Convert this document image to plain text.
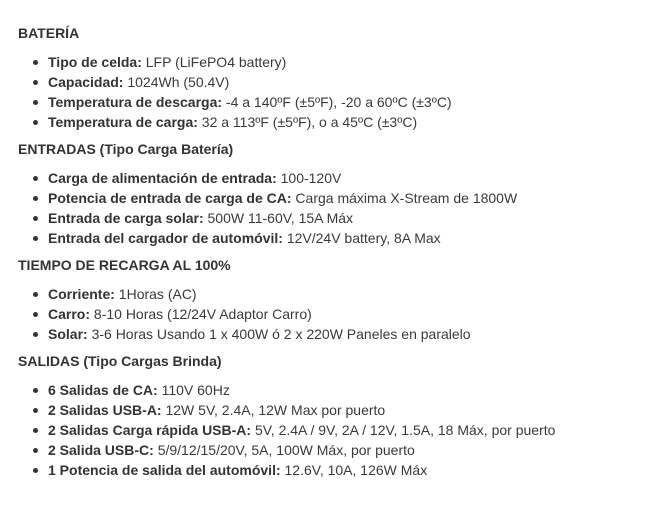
BATERÍA
Tipo de celda: LFP (LiFePO4 battery)
Capacidad: 1024Wh (50.4V)
Temperatura de descarga: -4 a 140ºF (±5ºF), -20 a 60ºC (±3ºC)
Temperatura de carga: 32 a 113ºF (±5ºF), o a 45ºC (±3ºC)
ENTRADAS (Tipo Carga Batería)
Carga de alimentación de entrada: 100-120V
Potencia de entrada de carga de CA: Carga máxima X-Stream de 1800W
Entrada de carga solar: 500W 11-60V, 15A Máx
Entrada del cargador de automóvil: 12V/24V battery, 8A Max
TIEMPO DE RECARGA AL 100%
Corriente: 1Horas (AC)
Carro: 8-10 Horas (12/24V Adaptor Carro)
Solar: 3-6 Horas Usando 1 x 400W ó 2 x 220W Paneles en paralelo
SALIDAS (Tipo Cargas Brinda)
6 Salidas de CA: 110V 60Hz
2 Salidas USB-A: 12W 5V, 2.4A, 12W Max por puerto
2 Salidas Carga rápida USB-A: 5V, 2.4A / 9V, 2A / 12V, 1.5A, 18 Máx, por puerto
2 Salida USB-C: 5/9/12/15/20V, 5A, 100W Máx, por puerto
1 Potencia de salida del automóvil: 12.6V, 10A, 126W Máx
